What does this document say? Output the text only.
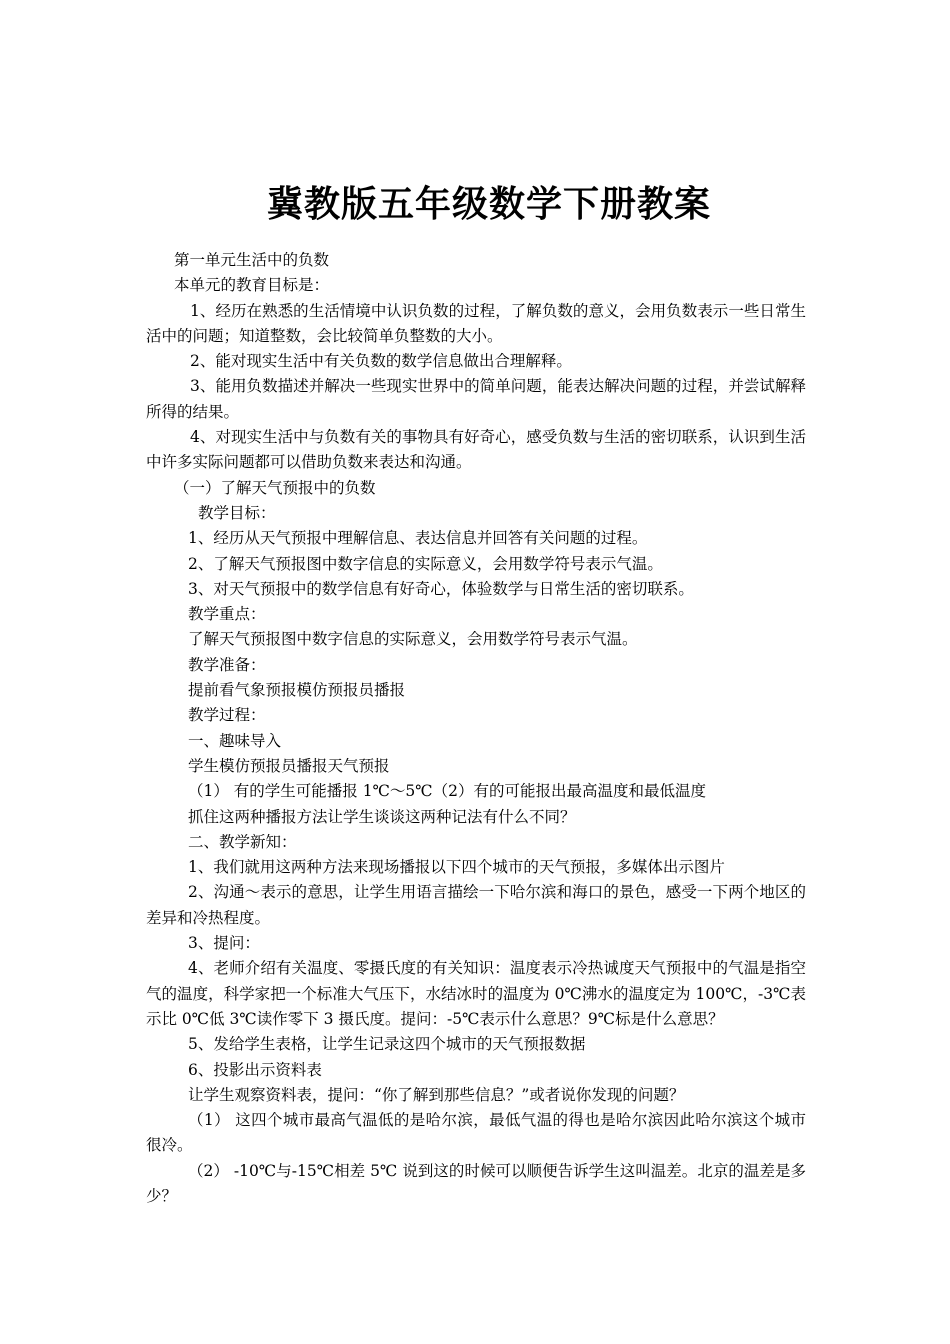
冀教版五年级数学下册教案

第一单元生活中的负数

本单元的教育目标是：

1、经历在熟悉的生活情境中认识负数的过程，了解负数的意义，会用负数表示一些日常生活中的问题；知道整数，会比较简单负整数的大小。

2、能对现实生活中有关负数的数学信息做出合理解释。

3、能用负数描述并解决一些现实世界中的简单问题，能表达解决问题的过程，并尝试解释所得的结果。

4、对现实生活中与负数有关的事物具有好奇心，感受负数与生活的密切联系，认识到生活中许多实际问题都可以借助负数来表达和沟通。

（一）了解天气预报中的负数

教学目标：

1、经历从天气预报中理解信息、表达信息并回答有关问题的过程。

2、了解天气预报图中数字信息的实际意义，会用数学符号表示气温。

3、对天气预报中的数学信息有好奇心，体验数学与日常生活的密切联系。

教学重点：

了解天气预报图中数字信息的实际意义，会用数学符号表示气温。

教学准备：

提前看气象预报模仿预报员播报

教学过程：

一、趣味导入

学生模仿预报员播报天气预报

（1） 有的学生可能播报 1℃～5℃（2）有的可能报出最高温度和最低温度

抓住这两种播报方法让学生谈谈这两种记法有什么不同？

二、教学新知：

1、我们就用这两种方法来现场播报以下四个城市的天气预报，多媒体出示图片

2、沟通～表示的意思，让学生用语言描绘一下哈尔滨和海口的景色，感受一下两个地区的差异和冷热程度。

3、提问：

4、老师介绍有关温度、零摄氏度的有关知识：温度表示冷热诚度天气预报中的气温是指空气的温度，科学家把一个标准大气压下，水结冰时的温度为 0℃沸水的温度定为 100℃，-3℃表示比 0℃低 3℃读作零下 3 摄氏度。提问：-5℃表示什么意思？9℃标是什么意思？

5、发给学生表格，让学生记录这四个城市的天气预报数据

6、投影出示资料表

让学生观察资料表，提问：“你了解到那些信息？”或者说你发现的问题？

（1） 这四个城市最高气温低的是哈尔滨，最低气温的得也是哈尔滨因此哈尔滨这个城市很冷。

（2） -10℃与-15℃相差 5℃ 说到这的时候可以顺便告诉学生这叫温差。北京的温差是多少？
